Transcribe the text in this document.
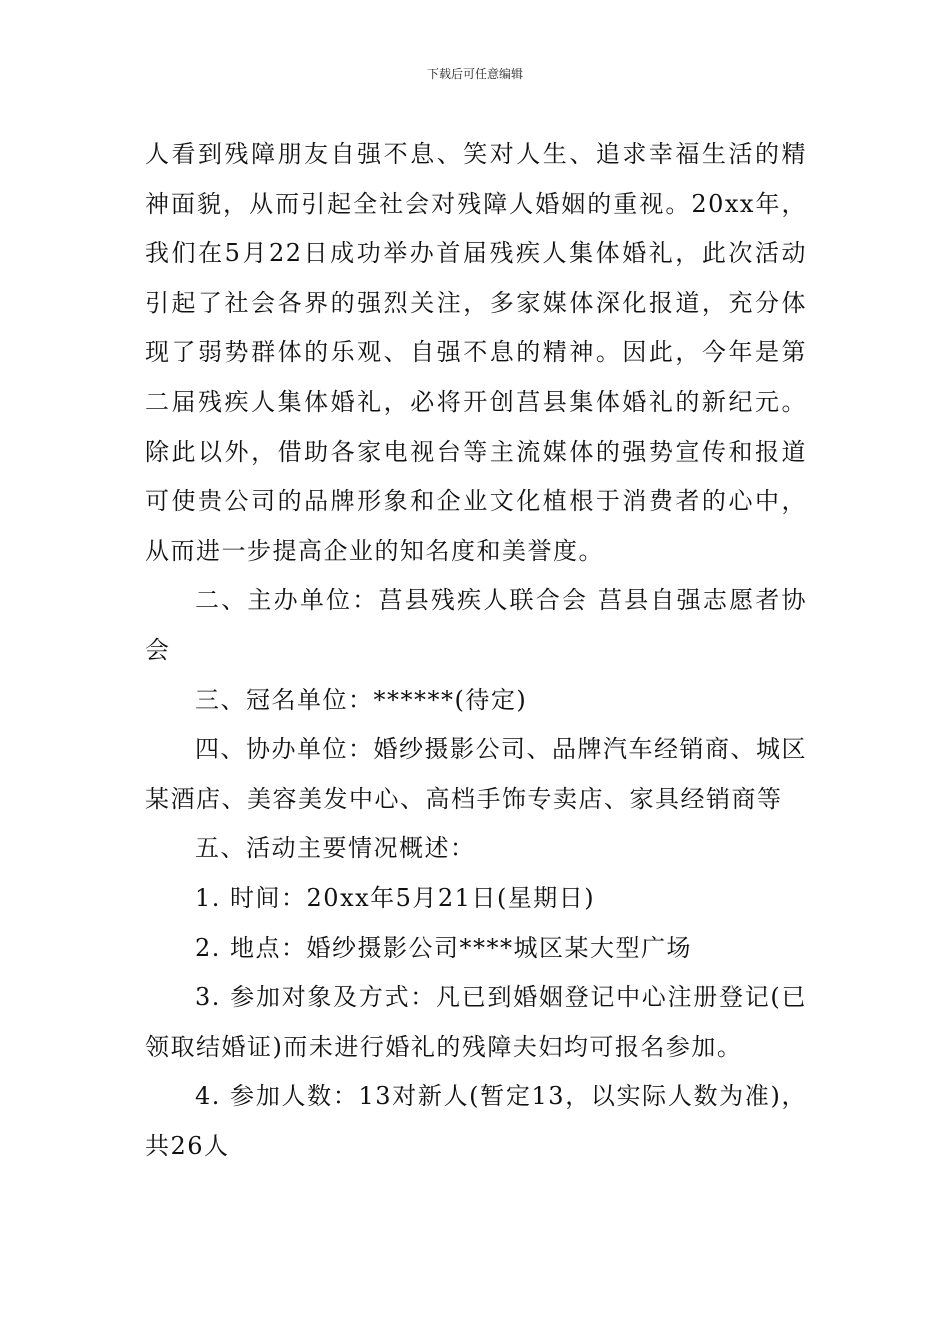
下载后可任意编辑

人看到残障朋友自强不息、笑对人生、追求幸福生活的精神面貌，从而引起全社会对残障人婚姻的重视。20xx年，我们在5月22日成功举办首届残疾人集体婚礼，此次活动引起了社会各界的强烈关注，多家媒体深化报道，充分体现了弱势群体的乐观、自强不息的精神。因此，今年是第二届残疾人集体婚礼，必将开创莒县集体婚礼的新纪元。除此以外，借助各家电视台等主流媒体的强势宣传和报道可使贵公司的品牌形象和企业文化植根于消费者的心中，从而进一步提高企业的知名度和美誉度。

二、主办单位：莒县残疾人联合会 莒县自强志愿者协会

三、冠名单位：******(待定)

四、协办单位：婚纱摄影公司、品牌汽车经销商、城区某酒店、美容美发中心、高档手饰专卖店、家具经销商等

五、活动主要情况概述：

1. 时间：20xx年5月21日(星期日)

2. 地点：婚纱摄影公司****城区某大型广场

3. 参加对象及方式：凡已到婚姻登记中心注册登记(已领取结婚证)而未进行婚礼的残障夫妇均可报名参加。

4. 参加人数：13对新人(暂定13，以实际人数为准)，共26人
